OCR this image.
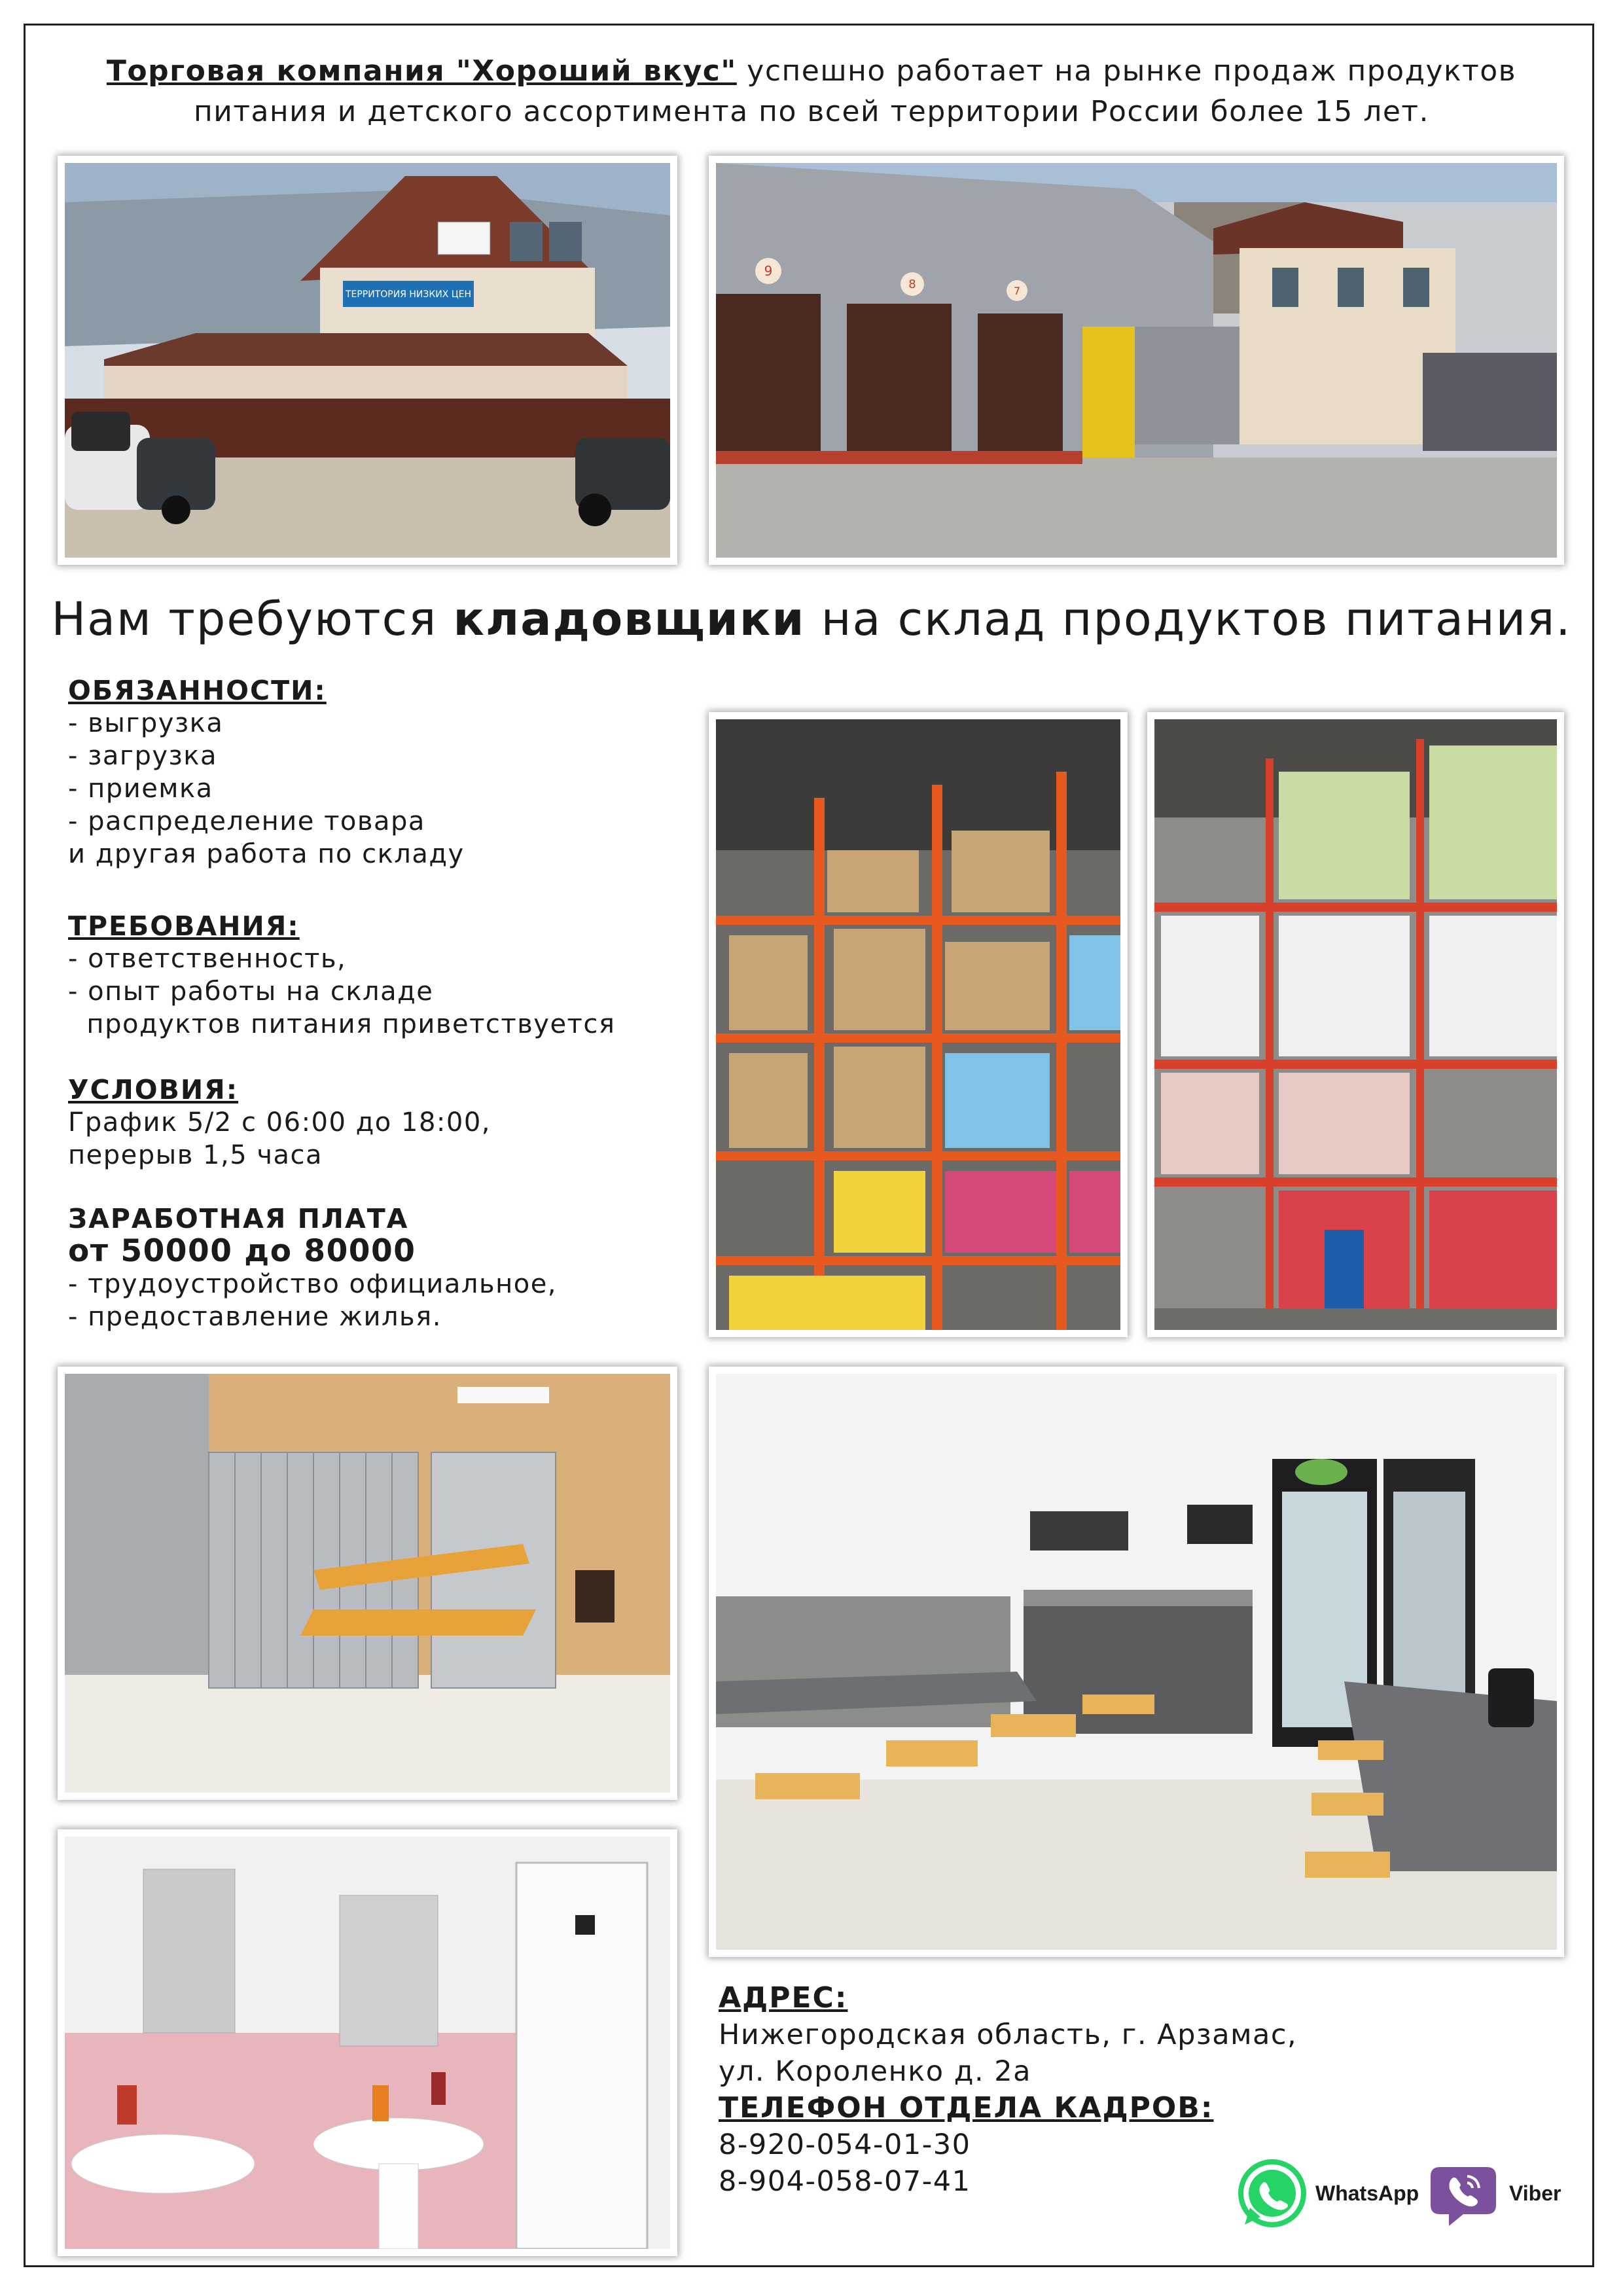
Торговая компания "Хороший вкус" успешно работает на рынке продаж продуктов
питания и детского ассортимента по всей территории России более 15 лет.
ТЕРРИТОРИЯ НИЗКИХ ЦЕН
9
8	7
Нам требуются кладовщики на склад продуктов питания.
ОБЯЗАННОСТИ:
- выгрузка
- загрузка
- приемка
- распределение товара
и другая работа по складу
ТРЕБОВАНИЯ:
- ответственность,
- опыт работы на складе
продуктов питания приветствуется
УСЛОВИЯ:
График 5/2 с 06:00 до 18:00,
перерыв 1,5 часа
ЗАРАБОТНАЯ ПЛАТА
от 50000 до 80000
- трудоустройство официальное,
- предоставление жилья.
АДРЕС:
Нижегородская область, г. Арзамас,
ул. Короленко д. 2а
ТЕЛЕФОН ОТДЕЛА КАДРОВ:
8-920-054-01-30
8-904-058-07-41	WhatsApp	Viber
